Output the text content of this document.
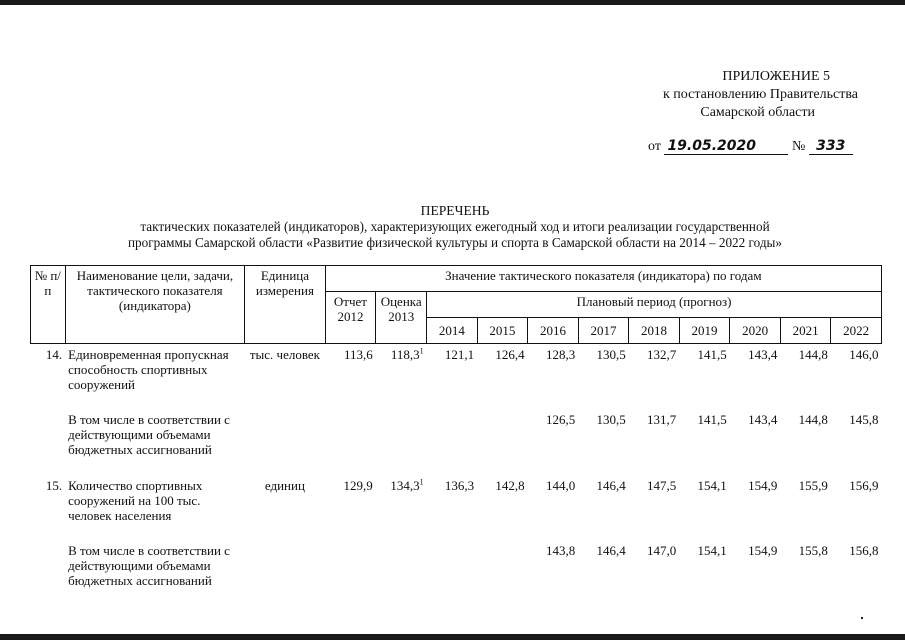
ПРИЛОЖЕНИЕ 5
к постановлению Правительства
Самарской области
от 19.05.2020	№ 333
ПЕРЕЧЕНЬ
тактических показателей (индикаторов), характеризующих ежегодный ход и итоги реализации государственной
программы Самарской области «Развитие физической культуры и спорта в Самарской области на 2014 – 2022 годы»
№ п/п	Наименование цели, задачи, тактического показателя (индикатора)	Единица измерения	Значение тактического показателя (индикатора) по годам										
			Отчет 2012	Оценка 2013	Плановый период (прогноз)								
					2014	2015	2016	2017	2018	2019	2020	2021	2022
14.	Единовременная пропускная способность спортивных сооружений	тыс. человек	113,6	118,3$^1$	121,1	126,4	128,3	130,5	132,7	141,5	143,4	144,8	146,0

	В том числе в соответствии с действующими объемами бюджетных ассигнований						126,5	130,5	131,7	141,5	143,4	144,8	145,8

15.	Количество спортивных сооружений на 100 тыс. человек населения	единиц	129,9	134,3$^1$	136,3	142,8	144,0	146,4	147,5	154,1	154,9	155,9	156,9

	В том числе в соответствии с действующими объемами бюджетных ассигнований						143,8	146,4	147,0	154,1	154,9	155,8	156,8
